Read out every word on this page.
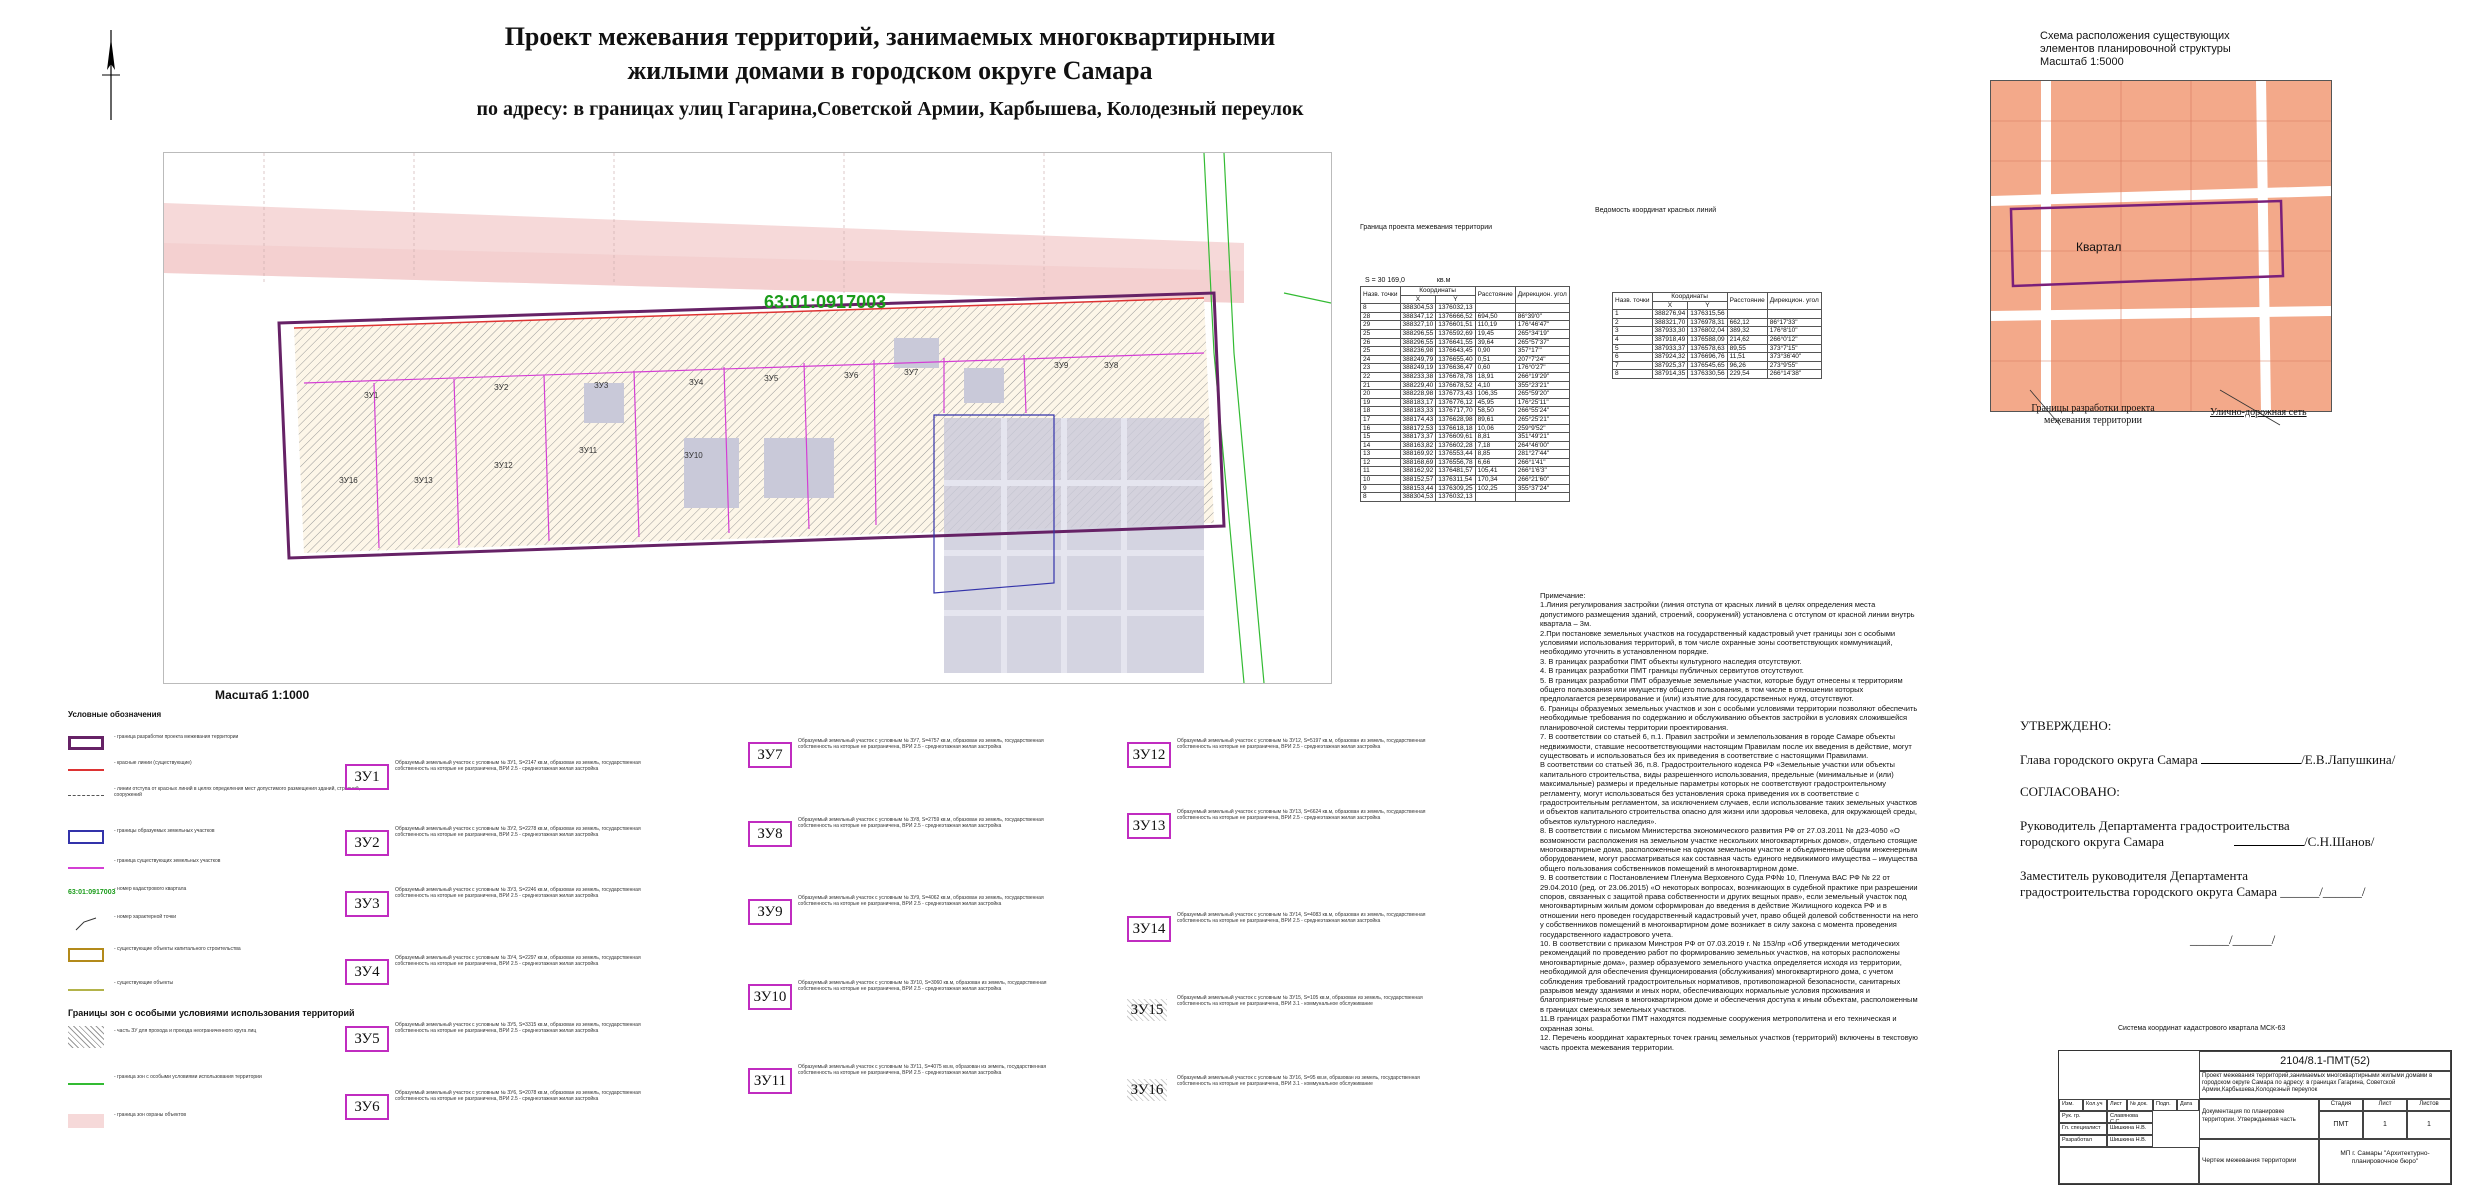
Проект межевания территорий, занимаемых многоквартирными
жилыми домами в городском округе Самара
по адресу: в границах улиц Гагарина,Советской Армии, Карбышева, Колодезный переулок
63:01:0917003
ЗУ16	ЗУ13
ЗУ12
ЗУ11
ЗУ10
ЗУ1
ЗУ2	ЗУ3	ЗУ4	ЗУ5	ЗУ6	ЗУ7
ЗУ9	ЗУ8
Масштаб 1:1000
Граница проекта межевания территории
S = 30 169,0	кв.м
Назв. точки	Координаты		Расстояние	Дирекцион. угол
	X	Y		
8	388304,53	1376032,13		
28	388347,12	1376666,52	694,50	86°39'0"
29	388327,10	1376601,51	110,19	176°46'47"
25	388296,55	1376592,69	19,45	265°34'19"
26	388296,55	1376641,55	39,64	265°57'37"
25	388236,98	1376643,45	0,90	357°17'"
24	388249,79	1376655,40	0,51	207°7'24"
23	388249,19	1376636,47	0,60	176°0'27"
22	388233,38	1376678,78	18,91	266°19'29"
21	388229,40	1376678,52	4,10	355°23'21"
20	388228,98	1376773,43	106,35	265°59'20"
19	388183,17	1376776,12	45,95	176°25'11"
18	388183,33	1376717,70	58,50	266°55'24"
17	388174,43	1376628,98	89,61	265°25'21"
16	388172,53	1376618,18	10,06	259°9'52"
15	388173,37	1376609,61	8,81	351°49'21"
14	388163,82	1376602,28	7,18	264°46'00"
13	388169,92	1376553,44	8,85	281°27'44"
12	388168,69	1376556,78	6,66	266°1'41"
11	388162,92	1376481,57	105,41	266°1'6'3"
10	388152,57	1376311,54	170,34	266°21'60"
9	388153,44	1376309,25	102,25	355°37'24"
8	388304,53	1376032,13		
Ведомость координат красных линий
Назв. точки	Координаты		Расстояние	Дирекцион. угол
	X	Y		
1	388276,94	1376315,56		
2	388321,70	1376978,31	662,12	86°17'33"
3	387933,30	1376802,04	389,32	176°8'10"
4	387918,49	1376588,09	214,62	266°0'12"
5	387933,37	1376578,63	89,55	373°7'15"
6	387924,32	1376696,76	11,51	373°36'40"
7	387925,37	1376545,65	96,26	273°9'55"
8	387914,35	1376330,56	229,54	266°14'38"
Схема расположения существующих
элементов планировочной структуры
Масштаб 1:5000
Квартал
Границы разработки проекта межевания территории
Улично-дорожная сеть
Условные обозначения
- граница разработки проекта межевания территории
- красные линии (существующие)
- линии отступа от красных линий в целях определения мест допустимого размещения зданий, строений, сооружений
- границы образуемых земельных участков
- граница существующих земельных участков
63:01:0917003
- номер кадастрового квартала
- номер характерной точки
- существующие объекты капитального строительства
- существующие объекты
Границы зон с особыми условиями использования территорий
- часть ЗУ для прохода и проезда неограниченного круга лиц
- граница зон с особыми условиями использования территории
- граница зон охраны объектов
ЗУ1
Образуемый земельный участок с условным № ЗУ1, S=2147 кв.м, образован из земель, государственная собственность на которые не разграничена, ВРИ 2.5 - среднеэтажная жилая застройка
ЗУ2
Образуемый земельный участок с условным № ЗУ2, S=2278 кв.м, образован из земель, государственная собственность на которые не разграничена, ВРИ 2.5 - среднеэтажная жилая застройка
ЗУ3
Образуемый земельный участок с условным № ЗУ3, S=2246 кв.м, образован из земель, государственная собственность на которые не разграничена, ВРИ 2.5 - среднеэтажная жилая застройка
ЗУ4
Образуемый земельный участок с условным № ЗУ4, S=2297 кв.м, образован из земель, государственная собственность на которые не разграничена, ВРИ 2.5 - среднеэтажная жилая застройка
ЗУ5
Образуемый земельный участок с условным № ЗУ5, S=3315 кв.м, образован из земель, государственная собственность на которые не разграничена, ВРИ 2.5 - среднеэтажная жилая застройка
ЗУ6
Образуемый земельный участок с условным № ЗУ6, S=2078 кв.м, образован из земель, государственная собственность на которые не разграничена, ВРИ 2.5 - среднеэтажная жилая застройка
ЗУ7
Образуемый земельный участок с условным № ЗУ7, S=4757 кв.м, образован из земель, государственная собственность на которые не разграничена, ВРИ 2.5 - среднеэтажная жилая застройка
ЗУ8
Образуемый земельный участок с условным № ЗУ8, S=2759 кв.м, образован из земель, государственная собственность на которые не разграничена, ВРИ 2.5 - среднеэтажная жилая застройка
ЗУ9
Образуемый земельный участок с условным № ЗУ9, S=4062 кв.м, образован из земель, государственная собственность на которые не разграничена, ВРИ 2.5 - среднеэтажная жилая застройка
ЗУ10
Образуемый земельный участок с условным № ЗУ10, S=3060 кв.м, образован из земель, государственная собственность на которые не разграничена, ВРИ 2.5 - среднеэтажная жилая застройка
ЗУ11
Образуемый земельный участок с условным № ЗУ11, S=4075 кв.м, образован из земель, государственная собственность на которые не разграничена, ВРИ 2.5 - среднеэтажная жилая застройка
ЗУ12
Образуемый земельный участок с условным № ЗУ12, S=5197 кв.м, образован из земель, государственная собственность на которые не разграничена, ВРИ 2.5 - среднеэтажная жилая застройка
ЗУ13
Образуемый земельный участок с условным № ЗУ13, S=6624 кв.м, образован из земель, государственная собственность на которые не разграничена, ВРИ 2.5 - среднеэтажная жилая застройка
ЗУ14
Образуемый земельный участок с условным № ЗУ14, S=4083 кв.м, образован из земель, государственная собственность на которые не разграничена, ВРИ 2.5 - среднеэтажная жилая застройка
ЗУ15
Образуемый земельный участок с условным № ЗУ15, S=105 кв.м, образован из земель, государственная собственность на которые не разграничена, ВРИ 3.1 - коммунальное обслуживание
ЗУ16
Образуемый земельный участок с условным № ЗУ16, S=95 кв.м, образован из земель, государственная собственность на которые не разграничена, ВРИ 3.1 - коммунальное обслуживание
Примечание:
1.Линия регулирования застройки (линия отступа от красных линий в целях определения места допустимого размещения зданий, строений, сооружений) установлена с отступом от красной линии внутрь квартала – 3м.
2.При постановке земельных участков на государственный кадастровый учет границы зон с особыми условиями использования территорий, в том числе охранные зоны соответствующих коммуникаций, необходимо уточнить в установленном порядке.
3. В границах разработки ПМТ объекты культурного наследия отсутствуют.
4. В границах разработки ПМТ границы публичных сервитутов отсутствуют.
5. В границах разработки ПМТ образуемые земельные участки, которые будут отнесены к территориям общего пользования или имуществу общего пользования, в том числе в отношении которых предполагается резервирование и (или) изъятие для государственных нужд, отсутствуют.
6. Границы образуемых земельных участков и зон с особыми условиями территории позволяют обеспечить необходимые требования по содержанию и обслуживанию объектов застройки в условиях сложившейся планировочной системы территории проектирования.
7. В соответствии со статьей 6, п.1. Правил застройки и землепользования в городе Самаре объекты недвижимости, ставшие несоответствующими настоящим Правилам после их введения в действие, могут существовать и использоваться без их приведения в соответствие с настоящими Правилами.
В соответствии со статьей 36, п.8. Градостроительного кодекса РФ «Земельные участки или объекты капитального строительства, виды разрешенного использования, предельные (минимальные и (или) максимальные) размеры и предельные параметры которых не соответствуют градостроительному регламенту, могут использоваться без установления срока приведения их в соответствие с градостроительным регламентом, за исключением случаев, если использование таких земельных участков и объектов капитального строительства опасно для жизни или здоровья человека, для окружающей среды, объектов культурного наследия».
8. В соответствии с письмом Министерства экономического развития РФ от 27.03.2011 № д23-4050 «О возможности расположения на земельном участке нескольких многоквартирных домов», отдельно стоящие многоквартирные дома, расположенные на одном земельном участке и объединенные общим инженерным оборудованием, могут рассматриваться как составная часть единого недвижимого имущества – имущества общего пользования собственников помещений в многоквартирном доме.
9. В соответствии с Постановлением Пленума Верховного Суда РФ№ 10, Пленума ВАС РФ № 22 от 29.04.2010 (ред. от 23.06.2015) «О некоторых вопросах, возникающих в судебной практике при разрешении споров, связанных с защитой права собственности и других вещных прав», если земельный участок под многоквартирным жилым домом сформирован до введения в действие Жилищного кодекса РФ и в отношении него проведен государственный кадастровый учет, право общей долевой собственности на него у собственников помещений в многоквартирном доме возникает в силу закона с момента проведения государственного кадастрового учета.
10. В соответствии с приказом Минстроя РФ от 07.03.2019 г. № 153/пр «Об утверждении методических рекомендаций по проведению работ по формированию земельных участков, на которых расположены многоквартирные дома», размер образуемого земельного участка определяется исходя из территории, необходимой для обеспечения функционирования (обслуживания) многоквартирного дома, с учетом соблюдения требований градостроительных нормативов, противопожарной безопасности, санитарных разрывов между зданиями и иных норм, обеспечивающих нормальные условия проживания и благоприятные условия в многоквартирном доме и обеспечения доступа к иным объектам, расположенным в границах смежных земельных участков.
11.В границах разработки ПМТ находятся подземные сооружения метрополитена и его техническая и охранная зоны.
12. Перечень координат характерных точек границ земельных участков (территорий) включены в текстовую часть проекта межевания территории.
УТВЕРЖДЕНО:
Глава городского округа Самара	/Е.В.Лапушкина/
СОГЛАСОВАНО:
Руководитель Департамента градостроительства
городского округа Самара	/С.Н.Шанов/
Заместитель руководителя Департамента
градостроительства городского округа Самара ______/______/
______/______/
Система координат кадастрового квартала МСК-63
2104/8.1-ПМТ(52)
Проект межевания территорий,занимаемых многоквартирными жилыми домами в городском округе Самара по адресу: в границах Гагарина, Советской Армии,Карбышева,Колодезный переулок
Изм.	Кол.уч	Лист	№ док.	Подп.	Дата
Рук. гр.	Славянова С.С.
Гл. специалист	Шишкина Н.В.
Разработал	Шишкина Н.В.
Документация по планировке территории. Утверждаемая часть
Стадия	Лист	Листов
ПМТ	1	1
Чертеж межевания территории
МП г. Самары "Архитектурно-планировочное бюро"
